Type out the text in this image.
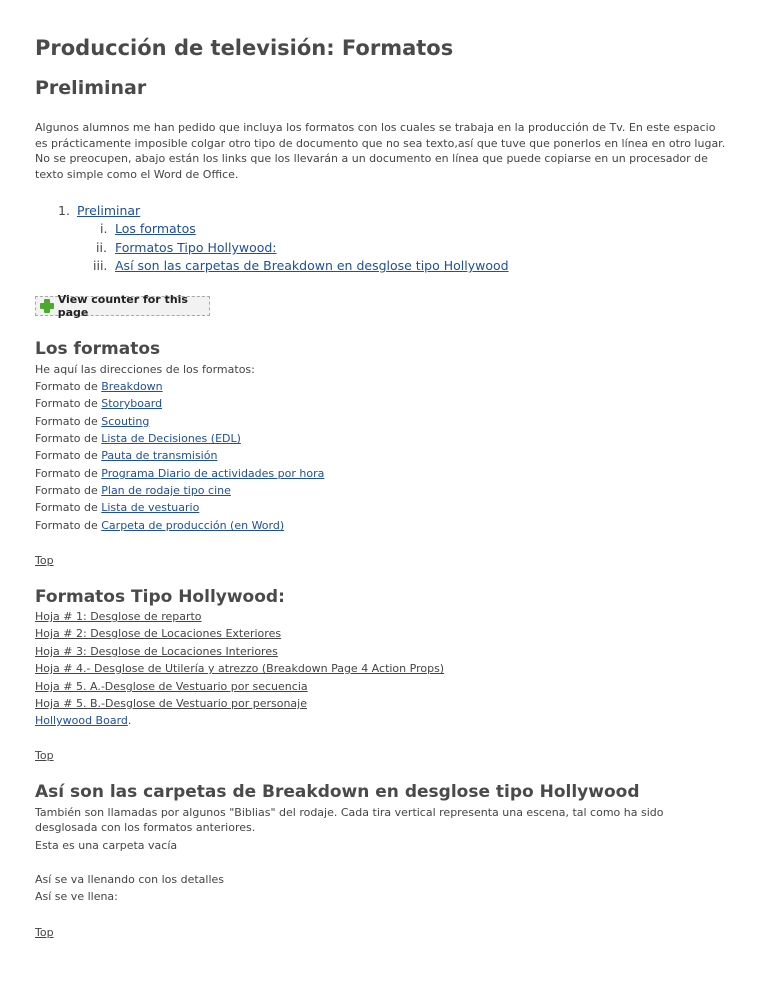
Producción de televisión: Formatos
Preliminar
Algunos alumnos me han pedido que incluya los formatos con los cuales se trabaja en la producción de Tv. En este espacio
es prácticamente imposible colgar otro tipo de documento que no sea texto,así que tuve que ponerlos en línea en otro lugar.
No se preocupen, abajo están los links que los llevarán a un documento en línea que puede copiarse en un procesador de
texto simple como el Word de Office.
1. Preliminar
i. Los formatos
ii. Formatos Tipo Hollywood:
iii. Así son las carpetas de Breakdown en desglose tipo Hollywood
View counter for this page
Los formatos
He aquí las direcciones de los formatos:
Formato de Breakdown
Formato de Storyboard
Formato de Scouting
Formato de Lista de Decisiones (EDL)
Formato de Pauta de transmisión
Formato de Programa Diario de actividades por hora
Formato de Plan de rodaje tipo cine
Formato de Lista de vestuario
Formato de Carpeta de producción (en Word)
Top
Formatos Tipo Hollywood:
Hoja # 1: Desglose de reparto
Hoja # 2: Desglose de Locaciones Exteriores
Hoja # 3: Desglose de Locaciones Interiores
Hoja # 4.- Desglose de Utilería y atrezzo (Breakdown Page 4 Action Props)
Hoja # 5. A.-Desglose de Vestuario por secuencia
Hoja # 5. B.-Desglose de Vestuario por personaje
Hollywood Board.
Top
Así son las carpetas de Breakdown en desglose tipo Hollywood
También son llamadas por algunos "Biblias" del rodaje. Cada tira vertical representa una escena, tal como ha sido
desglosada con los formatos anteriores.
Esta es una carpeta vacía
Así se va llenando con los detalles
Así se ve llena:
Top
